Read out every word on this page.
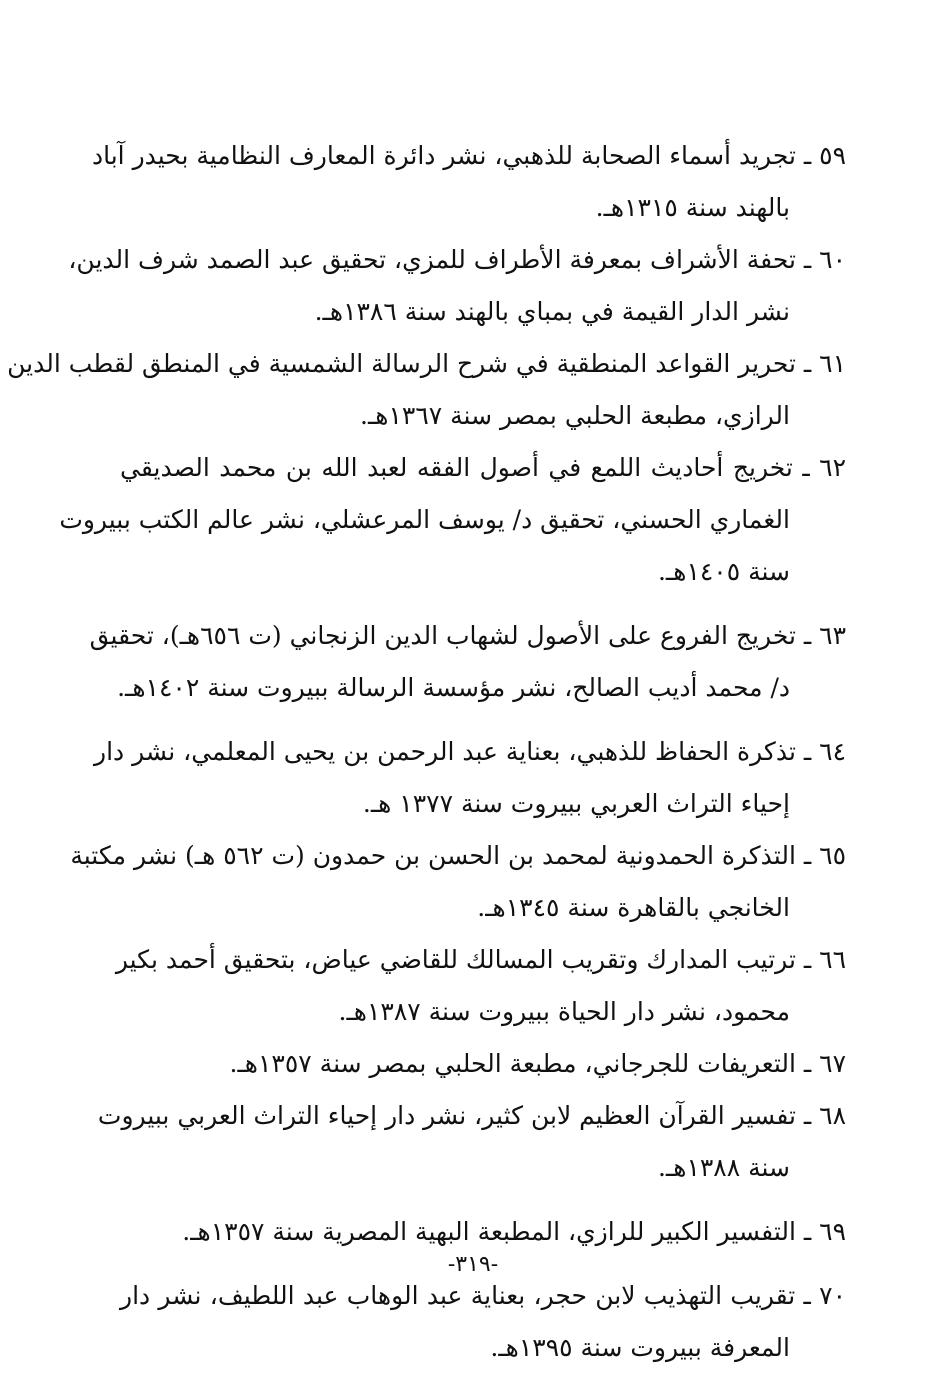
٥٩ ـ تجريد أسماء الصحابة للذهبي، نشر دائرة المعارف النظامية بحيدر آباد
بالهند سنة ١٣١٥هـ.
٦٠ ـ تحفة الأشراف بمعرفة الأطراف للمزي، تحقيق عبد الصمد شرف الدين،
نشر الدار القيمة في بمباي بالهند سنة ١٣٨٦هـ.
٦١ ـ تحرير القواعد المنطقية في شرح الرسالة الشمسية في المنطق لقطب الدين
الرازي، مطبعة الحلبي بمصر سنة ١٣٦٧هـ.
٦٢ ـ تخريج أحاديث اللمع في أصول الفقه لعبد الله بن محمد الصديقي
الغماري الحسني، تحقيق د/ يوسف المرعشلي، نشر عالم الكتب ببيروت
سنة ١٤٠٥هـ.
٦٣ ـ تخريج الفروع على الأصول لشهاب الدين الزنجاني (ت ٦٥٦هـ)، تحقيق
د/ محمد أديب الصالح، نشر مؤسسة الرسالة ببيروت سنة ١٤٠٢هـ.
٦٤ ـ تذكرة الحفاظ للذهبي، بعناية عبد الرحمن بن يحيى المعلمي، نشر دار
إحياء التراث العربي ببيروت سنة ١٣٧٧ هـ.
٦٥ ـ التذكرة الحمدونية لمحمد بن الحسن بن حمدون (ت ٥٦٢ هـ) نشر مكتبة
الخانجي بالقاهرة سنة ١٣٤٥هـ.
٦٦ ـ ترتيب المدارك وتقريب المسالك للقاضي عياض، بتحقيق أحمد بكير
محمود، نشر دار الحياة ببيروت سنة ١٣٨٧هـ.
٦٧ ـ التعريفات للجرجاني، مطبعة الحلبي بمصر سنة ١٣٥٧هـ.
٦٨ ـ تفسير القرآن العظيم لابن كثير، نشر دار إحياء التراث العربي ببيروت
سنة ١٣٨٨هـ.
٦٩ ـ التفسير الكبير للرازي، المطبعة البهية المصرية سنة ١٣٥٧هـ.
٧٠ ـ تقريب التهذيب لابن حجر، بعناية عبد الوهاب عبد اللطيف، نشر دار
المعرفة ببيروت سنة ١٣٩٥هـ.
-٣١٩-
